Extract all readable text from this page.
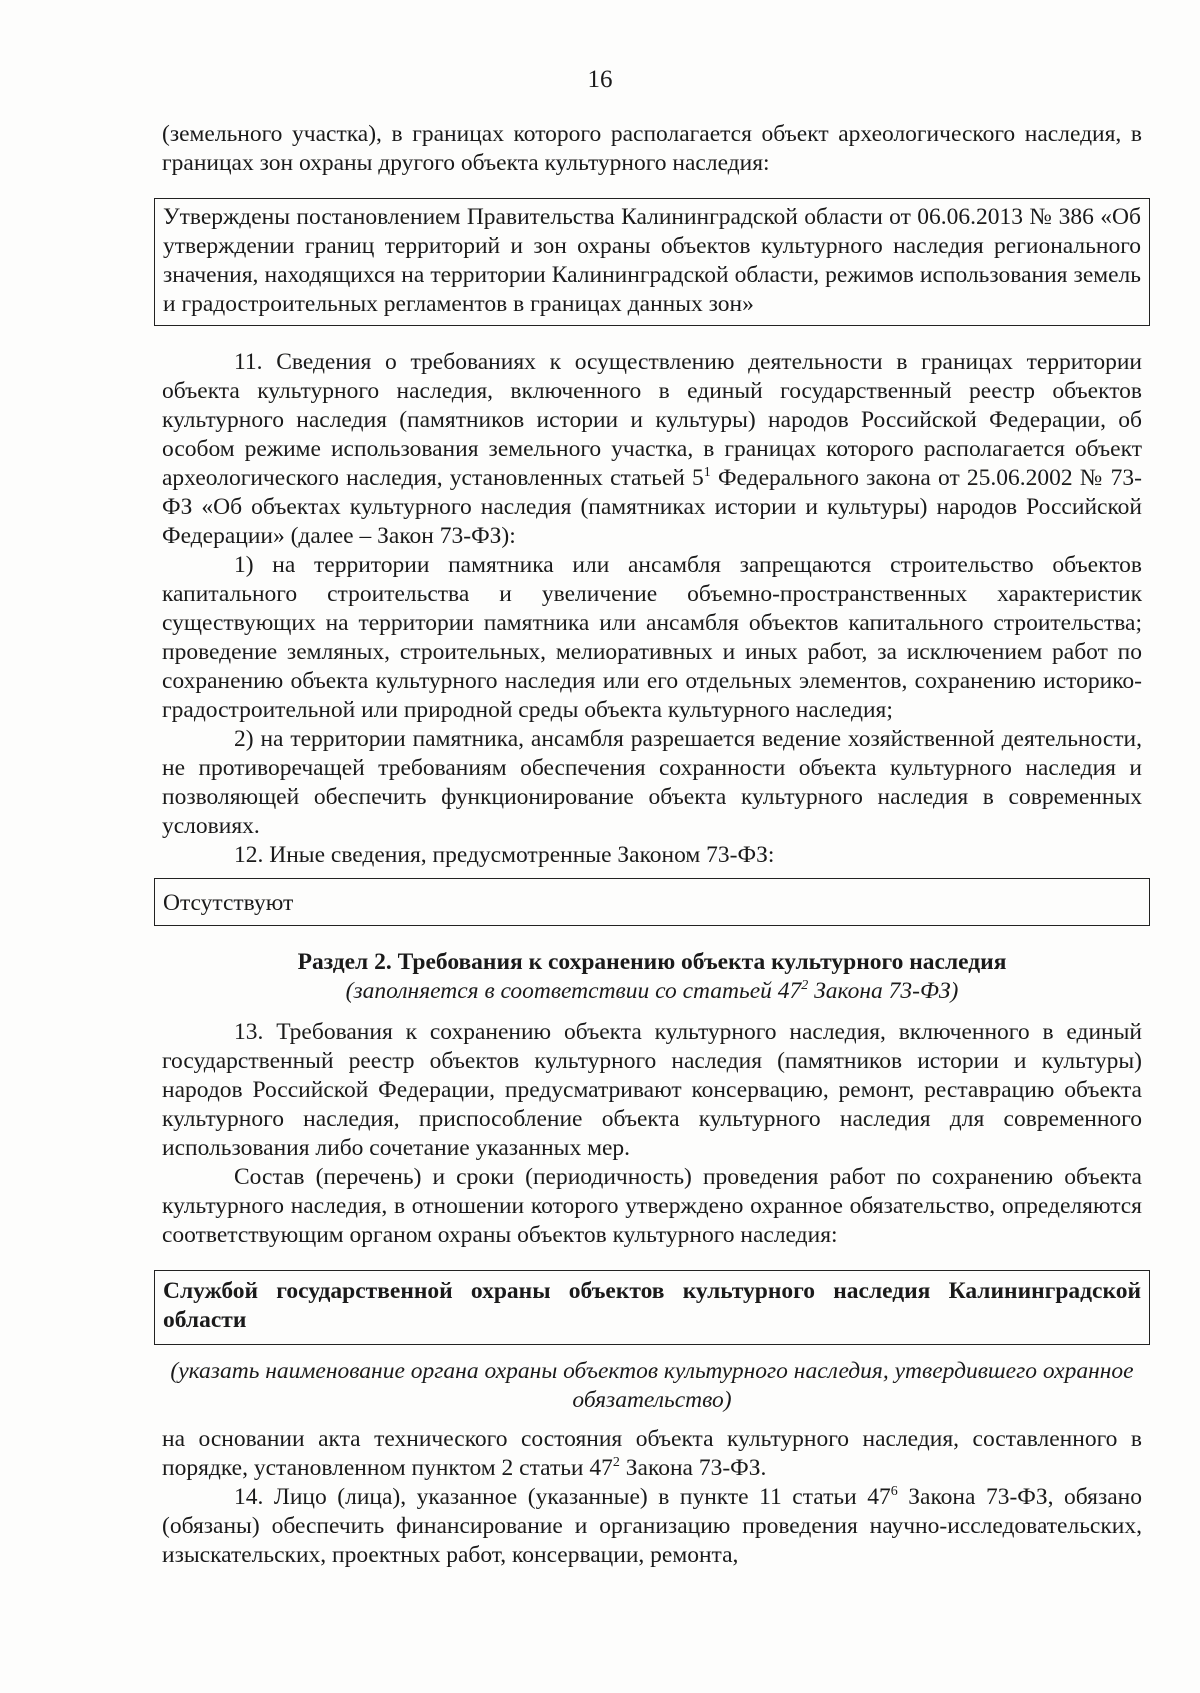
16

(земельного участка), в границах которого располагается объект археологического наследия, в границах зон охраны другого объекта культурного наследия:

Утверждены постановлением Правительства Калининградской области от 06.06.2013 № 386 «Об утверждении границ территорий и зон охраны объектов культурного наследия регионального значения, находящихся на территории Калининградской области, режимов использования земель и градостроительных регламентов в границах данных зон»

11. Сведения о требованиях к осуществлению деятельности в границах территории объекта культурного наследия, включенного в единый государственный реестр объектов культурного наследия (памятников истории и культуры) народов Российской Федерации, об особом режиме использования земельного участка, в границах которого располагается объект археологического наследия, установленных статьей $5^1$ Федерального закона от 25.06.2002 № 73-ФЗ «Об объектах культурного наследия (памятниках истории и культуры) народов Российской Федерации» (далее – Закон 73-ФЗ):

1) на территории памятника или ансамбля запрещаются строительство объектов капитального строительства и увеличение объемно-пространственных характеристик существующих на территории памятника или ансамбля объектов капитального строительства; проведение земляных, строительных, мелиоративных и иных работ, за исключением работ по сохранению объекта культурного наследия или его отдельных элементов, сохранению историко-градостроительной или природной среды объекта культурного наследия;

2) на территории памятника, ансамбля разрешается ведение хозяйственной деятельности, не противоречащей требованиям обеспечения сохранности объекта культурного наследия и позволяющей обеспечить функционирование объекта культурного наследия в современных условиях.

12. Иные сведения, предусмотренные Законом 73-ФЗ:

Отсутствуют

Раздел 2. Требования к сохранению объекта культурного наследия

(заполняется в соответствии со статьей $47^2$ Закона 73-ФЗ)

13. Требования к сохранению объекта культурного наследия, включенного в единый государственный реестр объектов культурного наследия (памятников истории и культуры) народов Российской Федерации, предусматривают консервацию, ремонт, реставрацию объекта культурного наследия, приспособление объекта культурного наследия для современного использования либо сочетание указанных мер.

Состав (перечень) и сроки (периодичность) проведения работ по сохранению объекта культурного наследия, в отношении которого утверждено охранное обязательство, определяются соответствующим органом охраны объектов культурного наследия:

Службой государственной охраны объектов культурного наследия Калининградской области

(указать наименование органа охраны объектов культурного наследия, утвердившего охранное обязательство)

на основании акта технического состояния объекта культурного наследия, составленного в порядке, установленном пунктом 2 статьи $47^2$ Закона 73-ФЗ.

14. Лицо (лица), указанное (указанные) в пункте 11 статьи $47^6$ Закона 73-ФЗ, обязано (обязаны) обеспечить финансирование и организацию проведения научно-исследовательских, изыскательских, проектных работ, консервации, ремонта,
